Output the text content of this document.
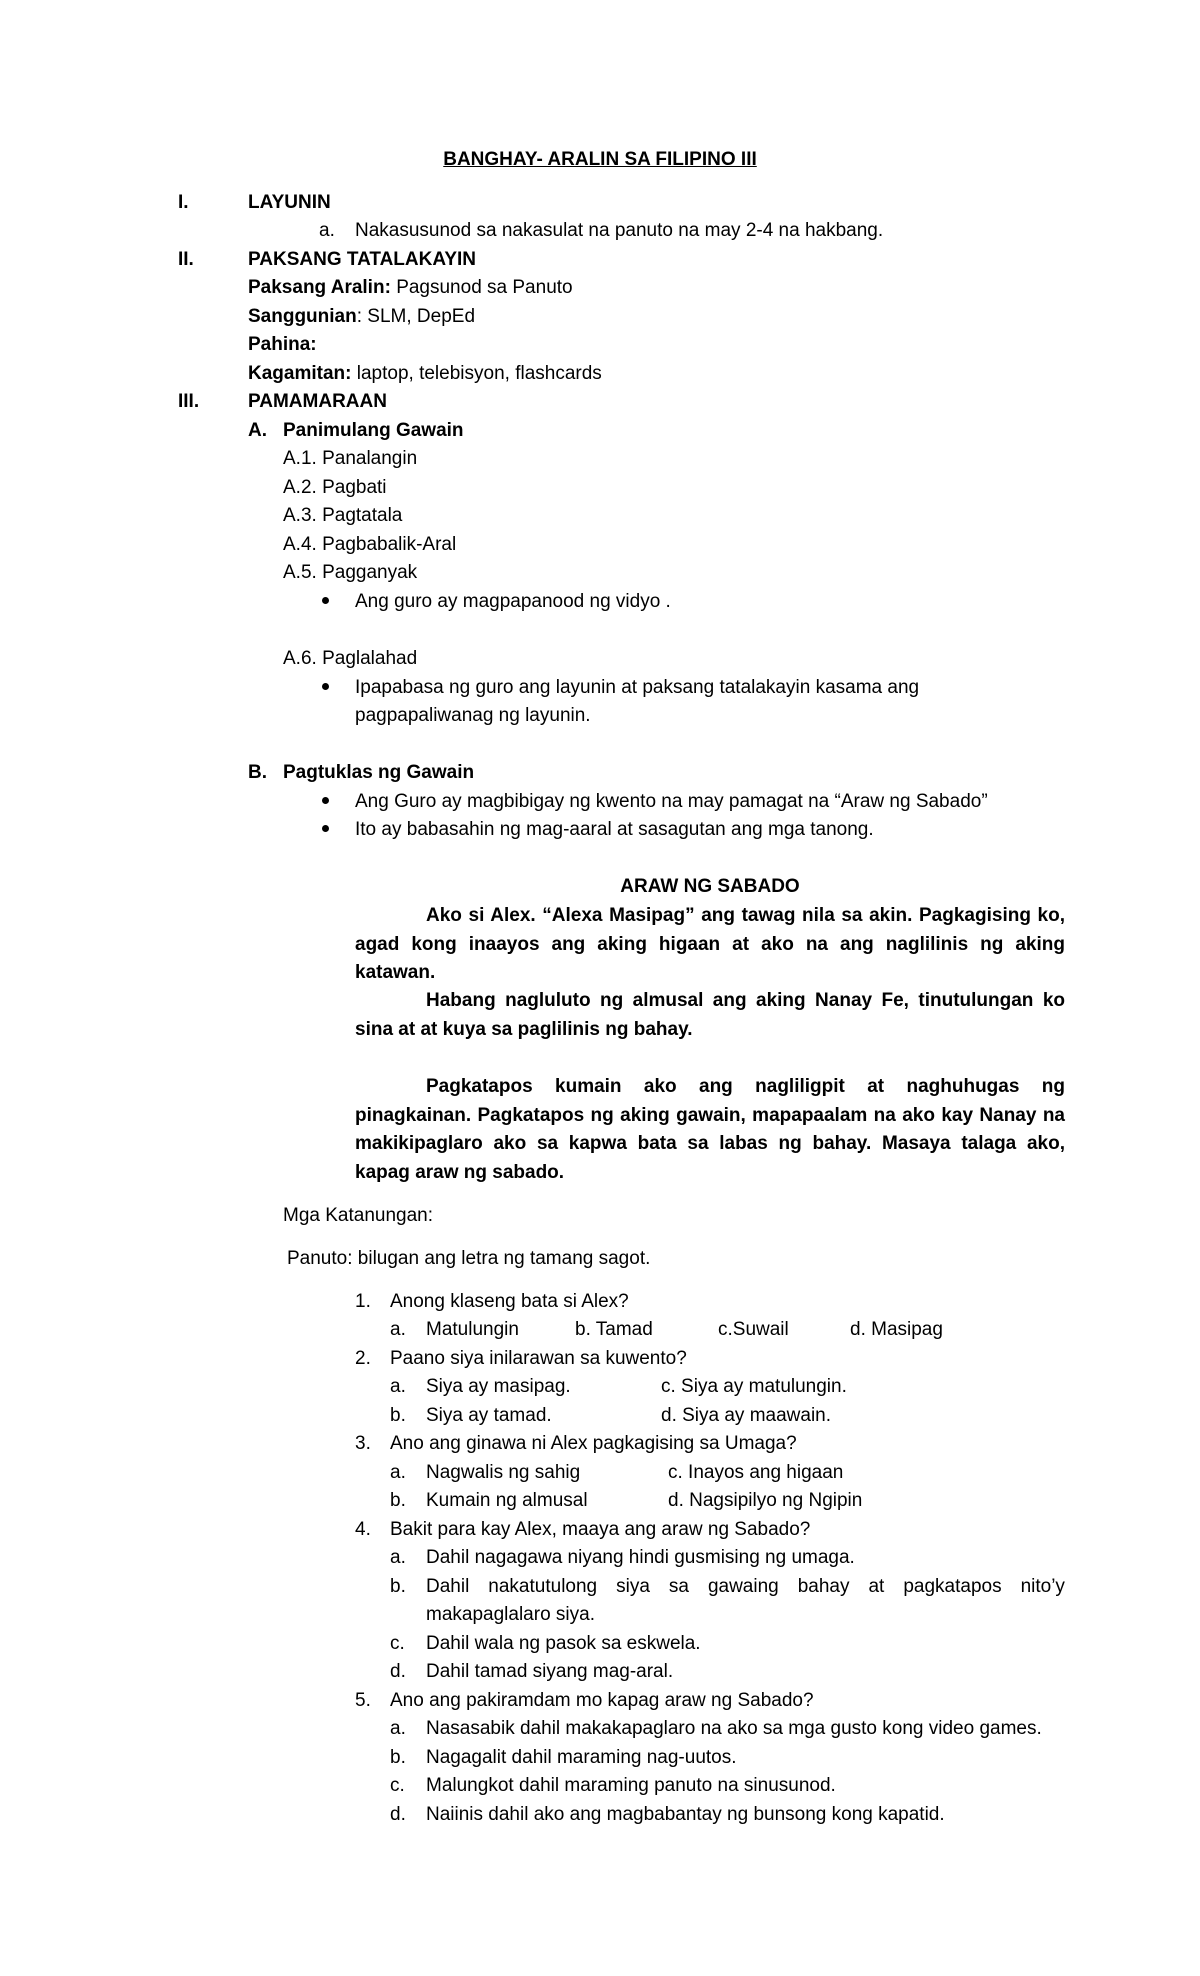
BANGHAY- ARALIN SA FILIPINO III
I.	LAYUNIN
a. Nakasusunod sa nakasulat na panuto na may 2-4 na hakbang.
II.	PAKSANG TATALAKAYIN
Paksang Aralin: Pagsunod sa Panuto
Sanggunian: SLM, DepEd
Pahina:
Kagamitan: laptop, telebisyon, flashcards
III.	PAMAMARAAN
A. Panimulang Gawain
A.1. Panalangin
A.2. Pagbati
A.3. Pagtatala
A.4. Pagbabalik-Aral
A.5. Pagganyak
Ang guro ay magpapanood ng vidyo .
A.6. Paglalahad
Ipapabasa ng guro ang layunin at paksang tatalakayin kasama ang
pagpapaliwanag ng layunin.
B. Pagtuklas ng Gawain
Ang Guro ay magbibigay ng kwento na may pamagat na “Araw ng Sabado”
Ito ay babasahin ng mag-aaral at sasagutan ang mga tanong.
ARAW NG SABADO
Ako si Alex. “Alexa Masipag” ang tawag nila sa akin. Pagkagising ko, agad kong inaayos ang aking higaan at ako na ang naglilinis ng aking katawan.
Habang nagluluto ng almusal ang aking Nanay Fe, tinutulungan ko sina at at kuya sa paglilinis ng bahay.
Pagkatapos kumain ako ang nagliligpit at naghuhugas ng pinagkainan. Pagkatapos ng aking gawain, mapapaalam na ako kay Nanay na makikipaglaro ako sa kapwa bata sa labas ng bahay. Masaya talaga ako, kapag araw ng sabado.
Mga Katanungan:
Panuto: bilugan ang letra ng tamang sagot.
1. Anong klaseng bata si Alex?
a. Matulungin	b. Tamad	c.Suwail	d. Masipag
2. Paano siya inilarawan sa kuwento?
a. Siya ay masipag.	c. Siya ay matulungin.
b. Siya ay tamad.	d. Siya ay maawain.
3. Ano ang ginawa ni Alex pagkagising sa Umaga?
a. Nagwalis ng sahig	c. Inayos ang higaan
b. Kumain ng almusal	d. Nagsipilyo ng Ngipin
4. Bakit para kay Alex, maaya ang araw ng Sabado?
a. Dahil nagagawa niyang hindi gusmising ng umaga.
b. Dahil nakatutulong siya sa gawaing bahay at pagkatapos nito’y
makapaglalaro siya.
c. Dahil wala ng pasok sa eskwela.
d. Dahil tamad siyang mag-aral.
5. Ano ang pakiramdam mo kapag araw ng Sabado?
a. Nasasabik dahil makakapaglaro na ako sa mga gusto kong video games.
b. Nagagalit dahil maraming nag-uutos.
c. Malungkot dahil maraming panuto na sinusunod.
d. Naiinis dahil ako ang magbabantay ng bunsong kong kapatid.
